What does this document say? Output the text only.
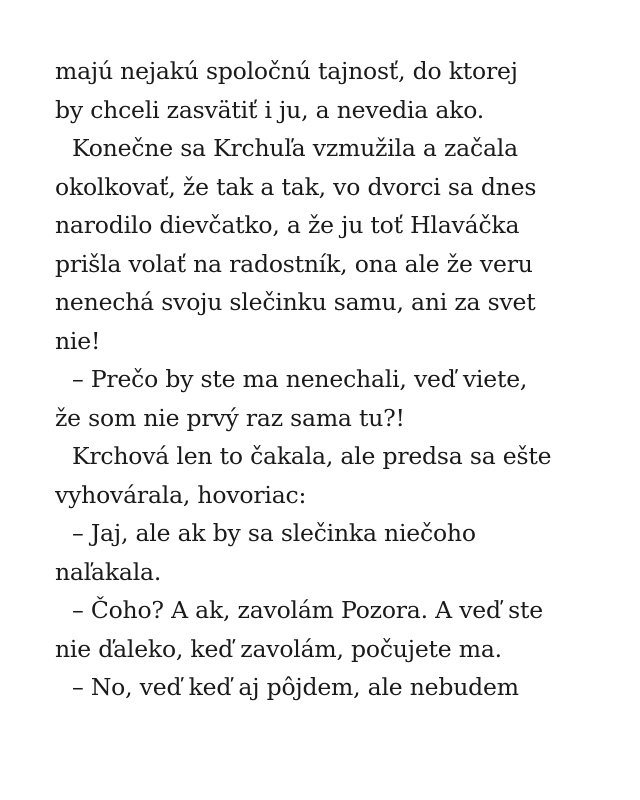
majú nejakú spoločnú tajnosť, do ktorej
by chceli zasvätiť i ju, a nevedia ako.
Konečne sa Krchuľa vzmužila a začala
okolkovať, že tak a tak, vo dvorci sa dnes
narodilo dievčatko, a že ju toť Hlaváčka
prišla volať na radostník, ona ale že veru
nenechá svoju slečinku samu, ani za svet
nie!
– Prečo by ste ma nenechali, veď viete,
že som nie prvý raz sama tu?!
Krchová len to čakala, ale predsa sa ešte
vyhovárala, hovoriac:
– Jaj, ale ak by sa slečinka niečoho
naľakala.
– Čoho? A ak, zavolám Pozora. A veď ste
nie ďaleko, keď zavolám, počujete ma.
– No, veď keď aj pôjdem, ale nebudem
